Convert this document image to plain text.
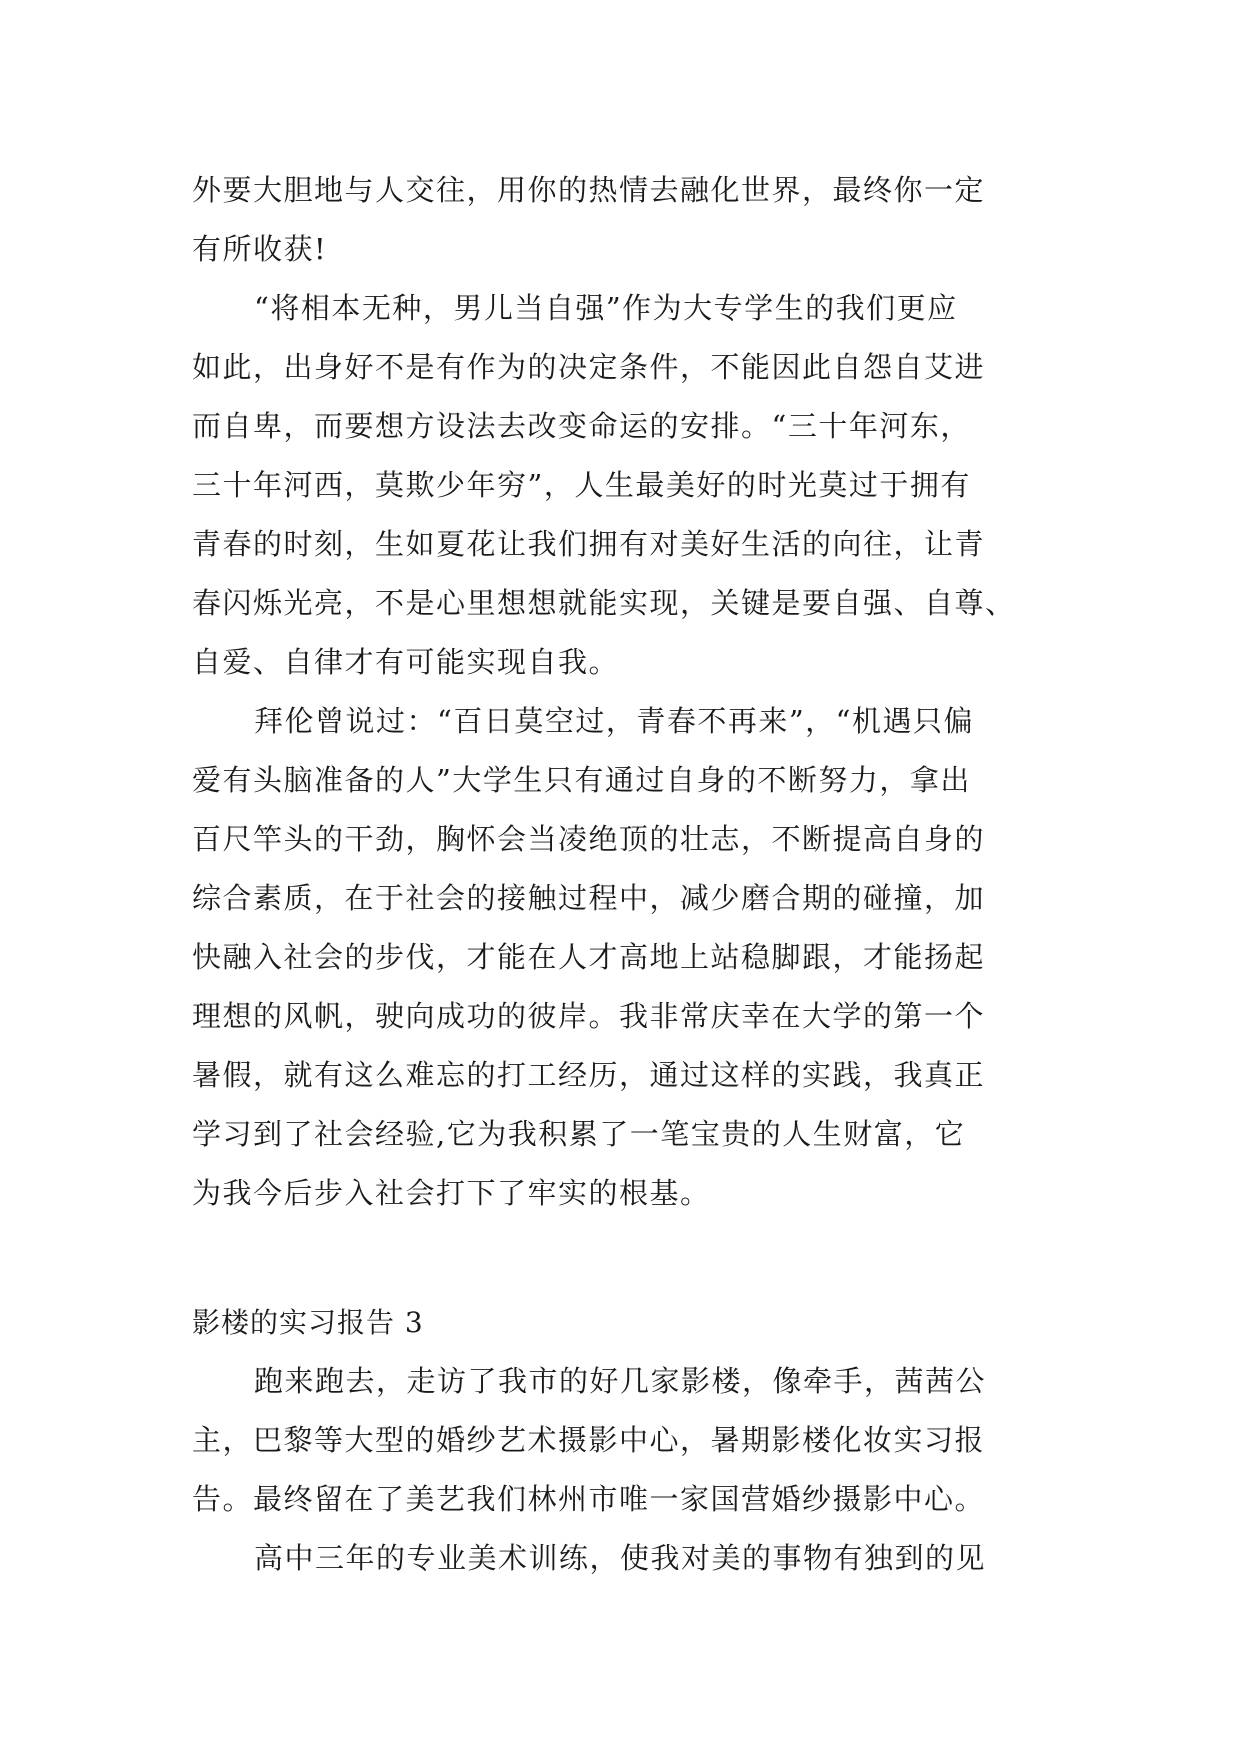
外要大胆地与人交往，用你的热情去融化世界，最终你一定
有所收获!
“将相本无种，男儿当自强”作为大专学生的我们更应
如此，出身好不是有作为的决定条件，不能因此自怨自艾进
而自卑，而要想方设法去改变命运的安排。“三十年河东，
三十年河西，莫欺少年穷”，人生最美好的时光莫过于拥有
青春的时刻，生如夏花让我们拥有对美好生活的向往，让青
春闪烁光亮，不是心里想想就能实现，关键是要自强、自尊、
自爱、自律才有可能实现自我。
拜伦曾说过：“百日莫空过，青春不再来”，“机遇只偏
爱有头脑准备的人”大学生只有通过自身的不断努力，拿出
百尺竿头的干劲，胸怀会当凌绝顶的壮志，不断提高自身的
综合素质，在于社会的接触过程中，减少磨合期的碰撞，加
快融入社会的步伐，才能在人才高地上站稳脚跟，才能扬起
理想的风帆，驶向成功的彼岸。我非常庆幸在大学的第一个
暑假，就有这么难忘的打工经历，通过这样的实践，我真正
学习到了社会经验,它为我积累了一笔宝贵的人生财富，它
为我今后步入社会打下了牢实的根基。
影楼的实习报告 3
跑来跑去，走访了我市的好几家影楼，像牵手，茜茜公
主，巴黎等大型的婚纱艺术摄影中心，暑期影楼化妆实习报
告。最终留在了美艺我们林州市唯一家国营婚纱摄影中心。
高中三年的专业美术训练，使我对美的事物有独到的见
